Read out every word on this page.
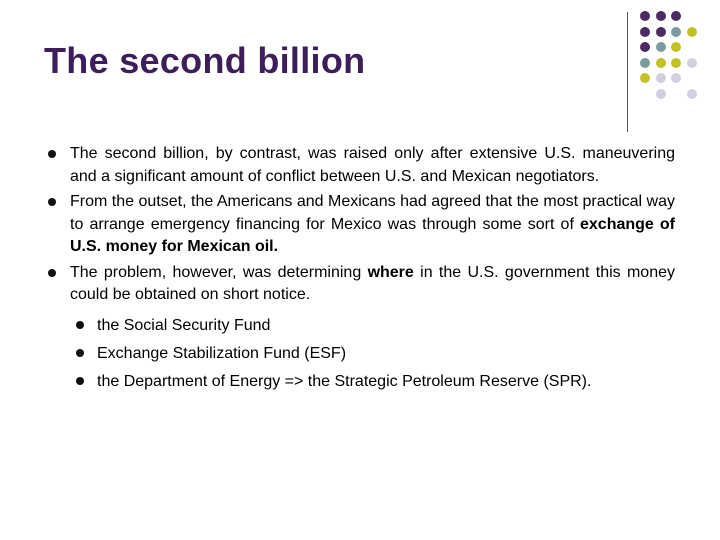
The second billion
The second billion, by contrast, was raised only after extensive U.S. maneuvering and a significant amount of conflict between U.S. and Mexican negotiators.
From the outset, the Americans and Mexicans had agreed that the most practical way to arrange emergency financing for Mexico was through some sort of exchange of U.S. money for Mexican oil.
The problem, however, was determining where in the U.S. government this money could be obtained on short notice.
the Social Security Fund
Exchange Stabilization Fund (ESF)
the Department of Energy => the Strategic Petroleum Reserve (SPR).
